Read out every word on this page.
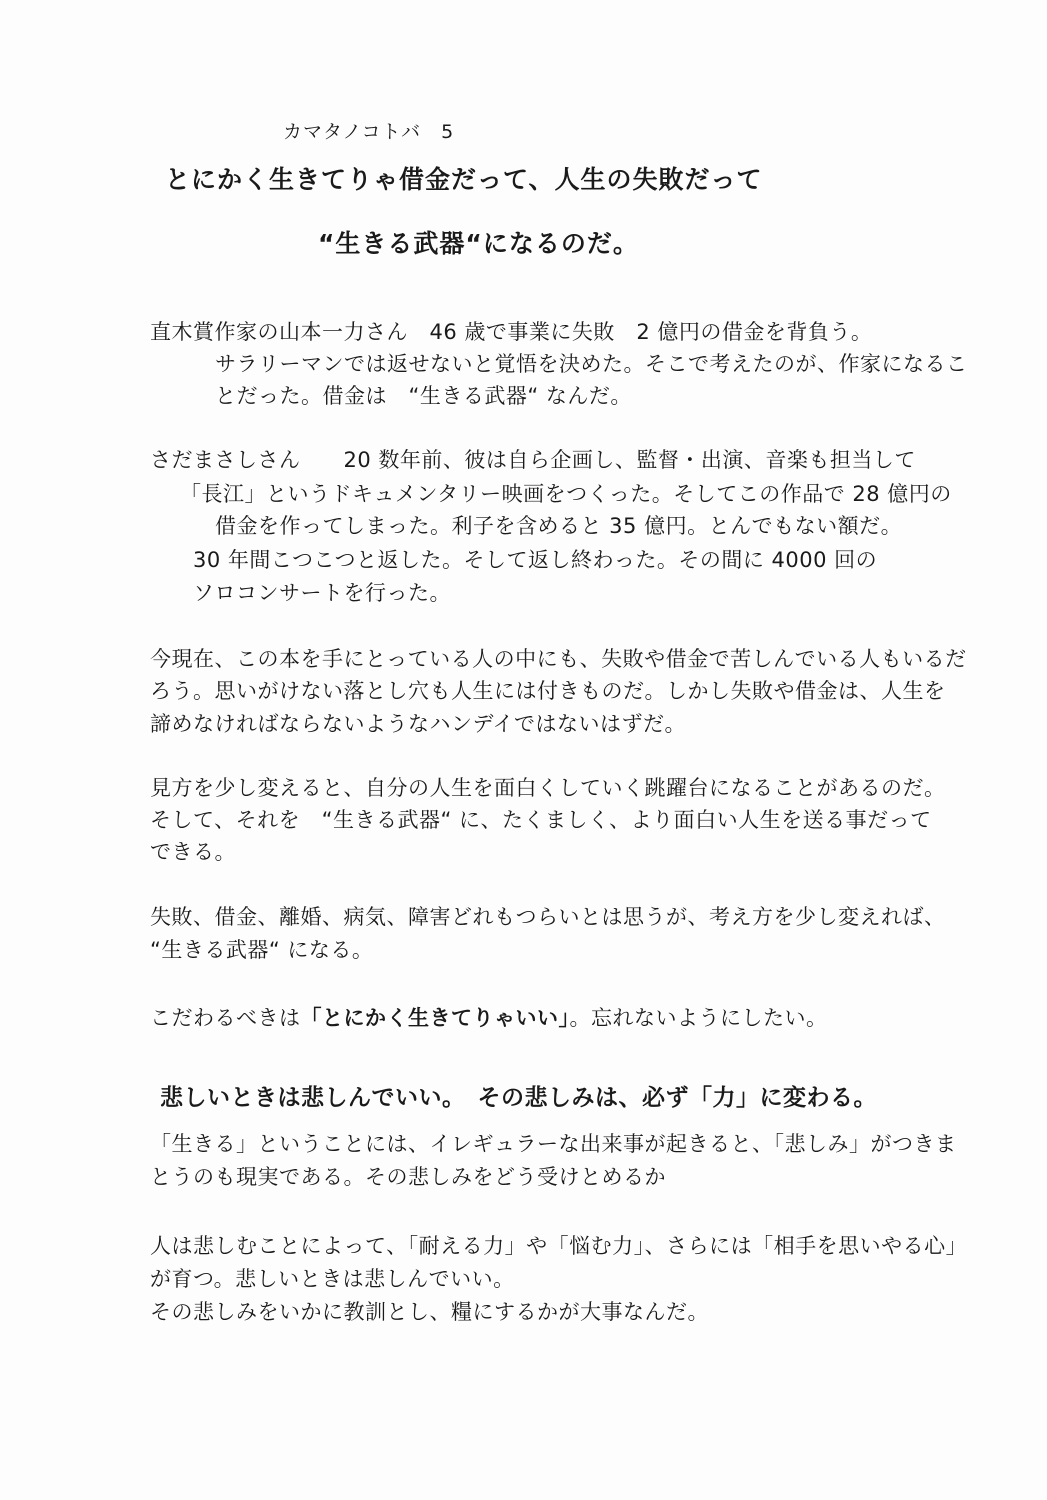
カマタノコトバ　5
とにかく生きてりゃ借金だって、人生の失敗だって
“生きる武器“になるのだ。
直木賞作家の山本一力さん　46 歳で事業に失敗　2 億円の借金を背負う。
サラリーマンでは返せないと覚悟を決めた。そこで考えたのが、作家になるこ
とだった。借金は　“生きる武器“ なんだ。
さだまさしさん　　20 数年前、彼は自ら企画し、監督・出演、音楽も担当して
「長江」というドキュメンタリー映画をつくった。そしてこの作品で 28 億円の
借金を作ってしまった。利子を含めると 35 億円。とんでもない額だ。
30 年間こつこつと返した。そして返し終わった。その間に 4000 回の
ソロコンサートを行った。
今現在、この本を手にとっている人の中にも、失敗や借金で苦しんでいる人もいるだ
ろう。思いがけない落とし穴も人生には付きものだ。しかし失敗や借金は、人生を
諦めなければならないようなハンデイではないはずだ。
見方を少し変えると、自分の人生を面白くしていく跳躍台になることがあるのだ。
そして、それを　“生きる武器“ に、たくましく、より面白い人生を送る事だって
できる。
失敗、借金、離婚、病気、障害どれもつらいとは思うが、考え方を少し変えれば、
“生きる武器“ になる。
こだわるべきは「とにかく生きてりゃいい」。忘れないようにしたい。
悲しいときは悲しんでいい。　その悲しみは、必ず「力」に変わる。
「生きる」ということには、イレギュラーな出来事が起きると、「悲しみ」がつきま
とうのも現実である。その悲しみをどう受けとめるか
人は悲しむことによって、「耐える力」や「悩む力」、さらには「相手を思いやる心」
が育つ。悲しいときは悲しんでいい。
その悲しみをいかに教訓とし、糧にするかが大事なんだ。
